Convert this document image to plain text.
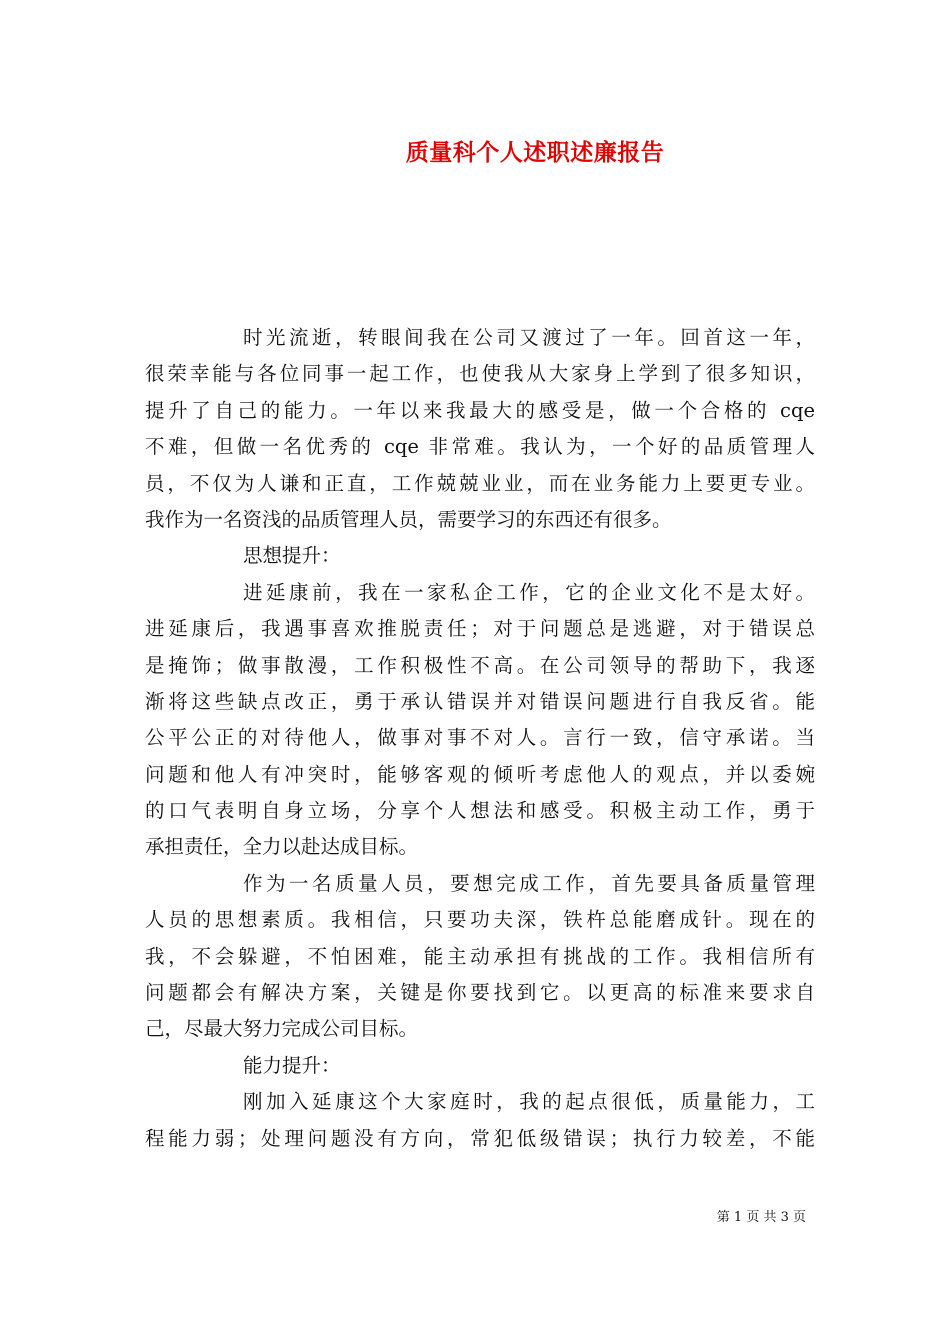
质量科个人述职述廉报告
时光流逝，转眼间我在公司又渡过了一年。回首这一年，
很荣幸能与各位同事一起工作，也使我从大家身上学到了很多知识，
提升了自己的能力。一年以来我最大的感受是，做一个合格的 cqe
不难，但做一名优秀的 cqe 非常难。我认为，一个好的品质管理人
员，不仅为人谦和正直，工作兢兢业业，而在业务能力上要更专业。
我作为一名资浅的品质管理人员，需要学习的东西还有很多。
思想提升：
进延康前，我在一家私企工作，它的企业文化不是太好。
进延康后，我遇事喜欢推脱责任；对于问题总是逃避，对于错误总
是掩饰；做事散漫，工作积极性不高。在公司领导的帮助下，我逐
渐将这些缺点改正，勇于承认错误并对错误问题进行自我反省。能
公平公正的对待他人，做事对事不对人。言行一致，信守承诺。当
问题和他人有冲突时，能够客观的倾听考虑他人的观点，并以委婉
的口气表明自身立场，分享个人想法和感受。积极主动工作，勇于
承担责任，全力以赴达成目标。
作为一名质量人员，要想完成工作，首先要具备质量管理
人员的思想素质。我相信，只要功夫深，铁杵总能磨成针。现在的
我，不会躲避，不怕困难，能主动承担有挑战的工作。我相信所有
问题都会有解决方案，关键是你要找到它。以更高的标准来要求自
己，尽最大努力完成公司目标。
能力提升：
刚加入延康这个大家庭时，我的起点很低，质量能力，工
程能力弱；处理问题没有方向，常犯低级错误；执行力较差，不能
第 1 页 共 3 页
